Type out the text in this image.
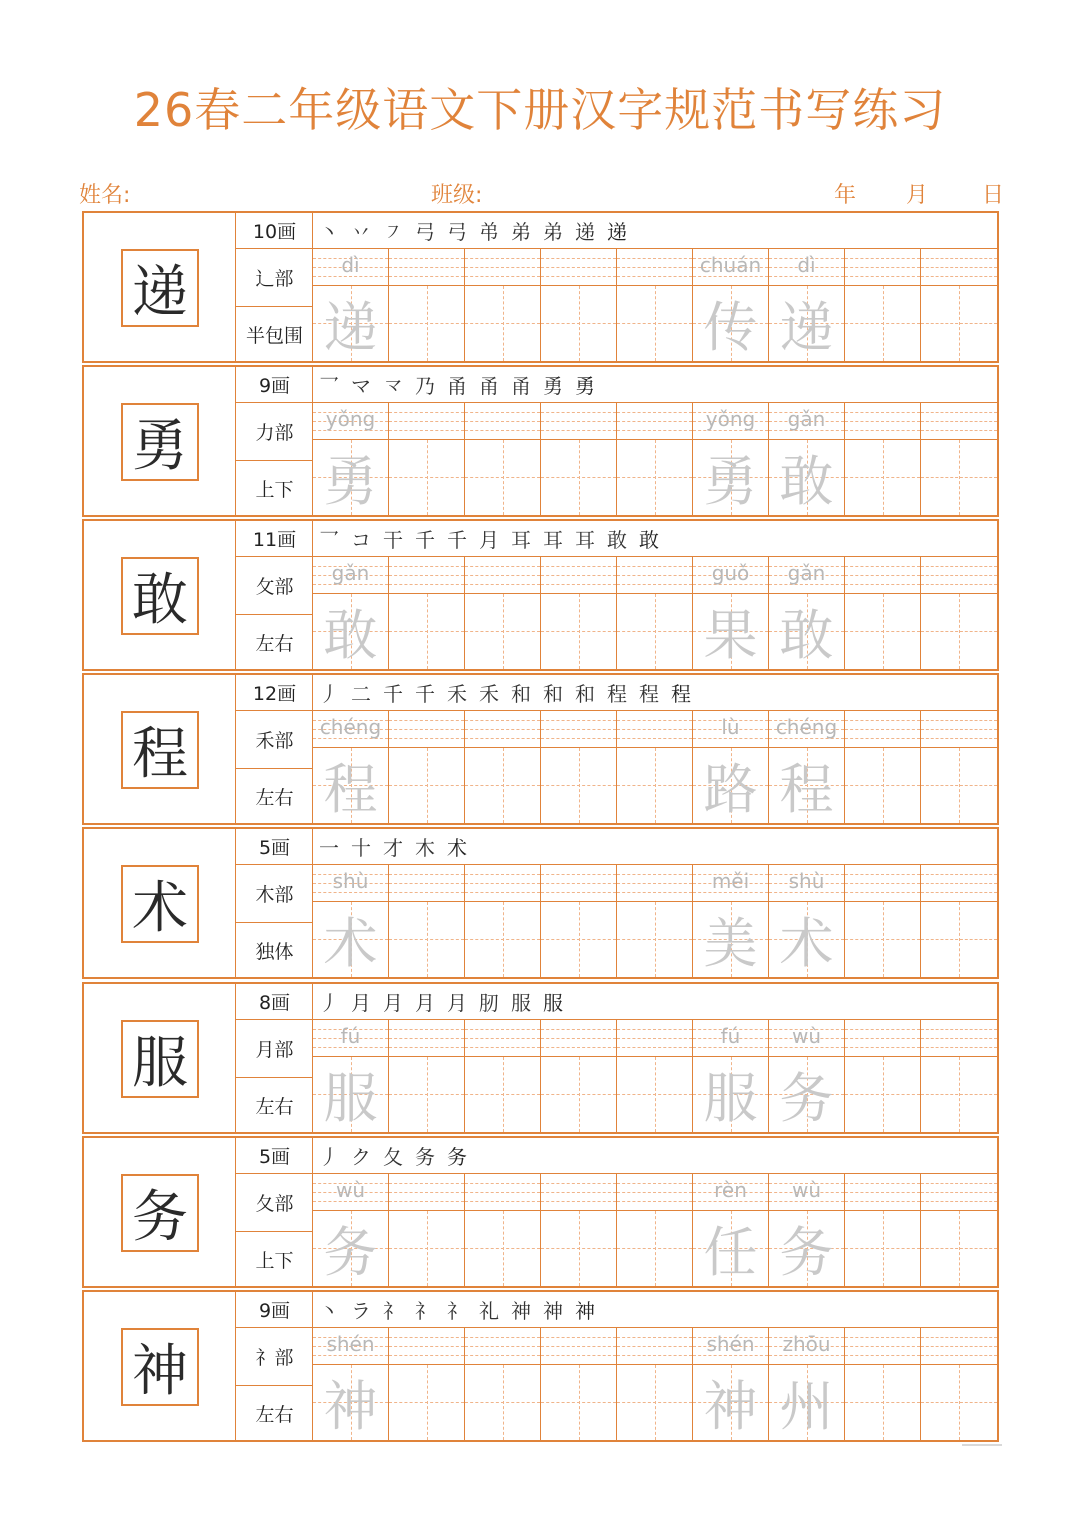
26春二年级语文下册汉字规范书写练习
姓名:	班级:	年 月 日
递
10画
辶部
半包围
丶 丷 ㇇ 弓 弓 弚 弟 弟 递 递
dì
递
chuán
传
dì
递
勇
9画
力部
上下
乛 マ 龴 乃 甬 甬 甬 勇 勇
yǒng
勇
yǒng
勇
gǎn
敢
敢
11画
攵部
左右
乛 コ 干 千 千 月 耳 耳 耳 敢 敢
gǎn
敢
guǒ
果
gǎn
敢
程
12画
禾部
左右
丿 二 千 千 禾 禾 和 和 和 程 程 程
chéng
程
lù
路
chéng
程
术
5画
木部
独体
一 十 才 木 术
shù
术
měi
美
shù
术
服
8画
月部
左右
丿 月 月 月 月 肕 服 服
fú
服
fú
服
wù
务
务
5画
夂部
上下
丿 ク 夂 务 务
wù
务
rèn
任
wù
务
神
9画
礻部
左右
丶 ラ 礻 礻 礻 礼 神 神 神
shén
神
shén
神
zhōu
州
